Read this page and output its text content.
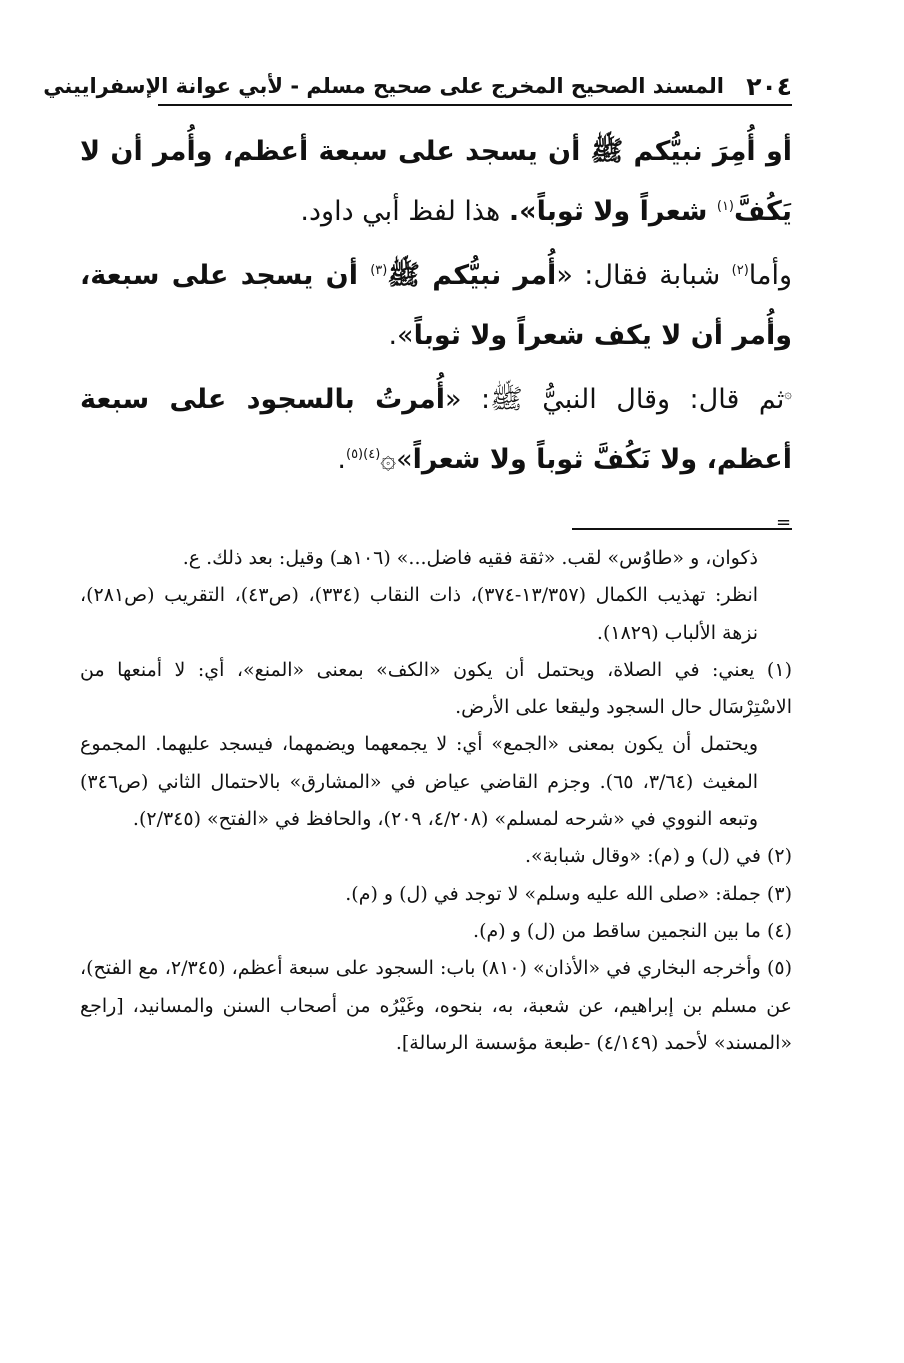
٢٠٤
المسند الصحيح المخرج على صحيح مسلم - لأبي عوانة الإسفراييني

أو أُمِرَ نبيُّكم ﷺ أن يسجد على سبعة أعظم، وأُمر أن لا يَكُفَّ$^{(١)}$ شعراً ولا ثوباً». هذا لفظ أبي داود.

وأما$^{(٢)}$ شبابة فقال: «أُمر نبيُّكم ﷺ$^{(٣)}$ أن يسجد على سبعة، وأُمر أن لا يكف شعراً ولا ثوباً».

۞ثم قال: وقال النبيُّ ﷺ: «أُمرتُ بالسجود على سبعة أعظم، ولا نَكُفَّ ثوباً ولا شعراً»۞$^{(٤)(٥)}$.

=

ذكوان، و «طاوُس» لقب. «ثقة فقيه فاضل...» (١٠٦هـ) وقيل: بعد ذلك. ع.

انظر: تهذيب الكمال (١٣/٣٥٧-٣٧٤)، ذات النقاب (٣٣٤)، (ص٤٣)، التقريب (ص٢٨١)، نزهة الألباب (١٨٢٩).

(١) يعني: في الصلاة، ويحتمل أن يكون «الكف» بمعنى «المنع»، أي: لا أمنعها من الاسْتِرْسَال حال السجود وليقعا على الأرض.

ويحتمل أن يكون بمعنى «الجمع» أي: لا يجمعهما ويضمهما، فيسجد عليهما. المجموع المغيث (٣/٦٤، ٦٥). وجزم القاضي عياض في «المشارق» بالاحتمال الثاني (ص٣٤٦) وتبعه النووي في «شرحه لمسلم» (٤/٢٠٨، ٢٠٩)، والحافظ في «الفتح» (٢/٣٤٥).

(٢) في (ل) و (م): «وقال شبابة».

(٣) جملة: «صلى الله عليه وسلم» لا توجد في (ل) و (م).

(٤) ما بين النجمين ساقط من (ل) و (م).

(٥) وأخرجه البخاري في «الأذان» (٨١٠) باب: السجود على سبعة أعظم، (٢/٣٤٥، مع الفتح)، عن مسلم بن إبراهيم، عن شعبة، به، بنحوه، وغَيْرُه من أصحاب السنن والمسانيد، [راجع «المسند» لأحمد (٤/١٤٩) -طبعة مؤسسة الرسالة].
